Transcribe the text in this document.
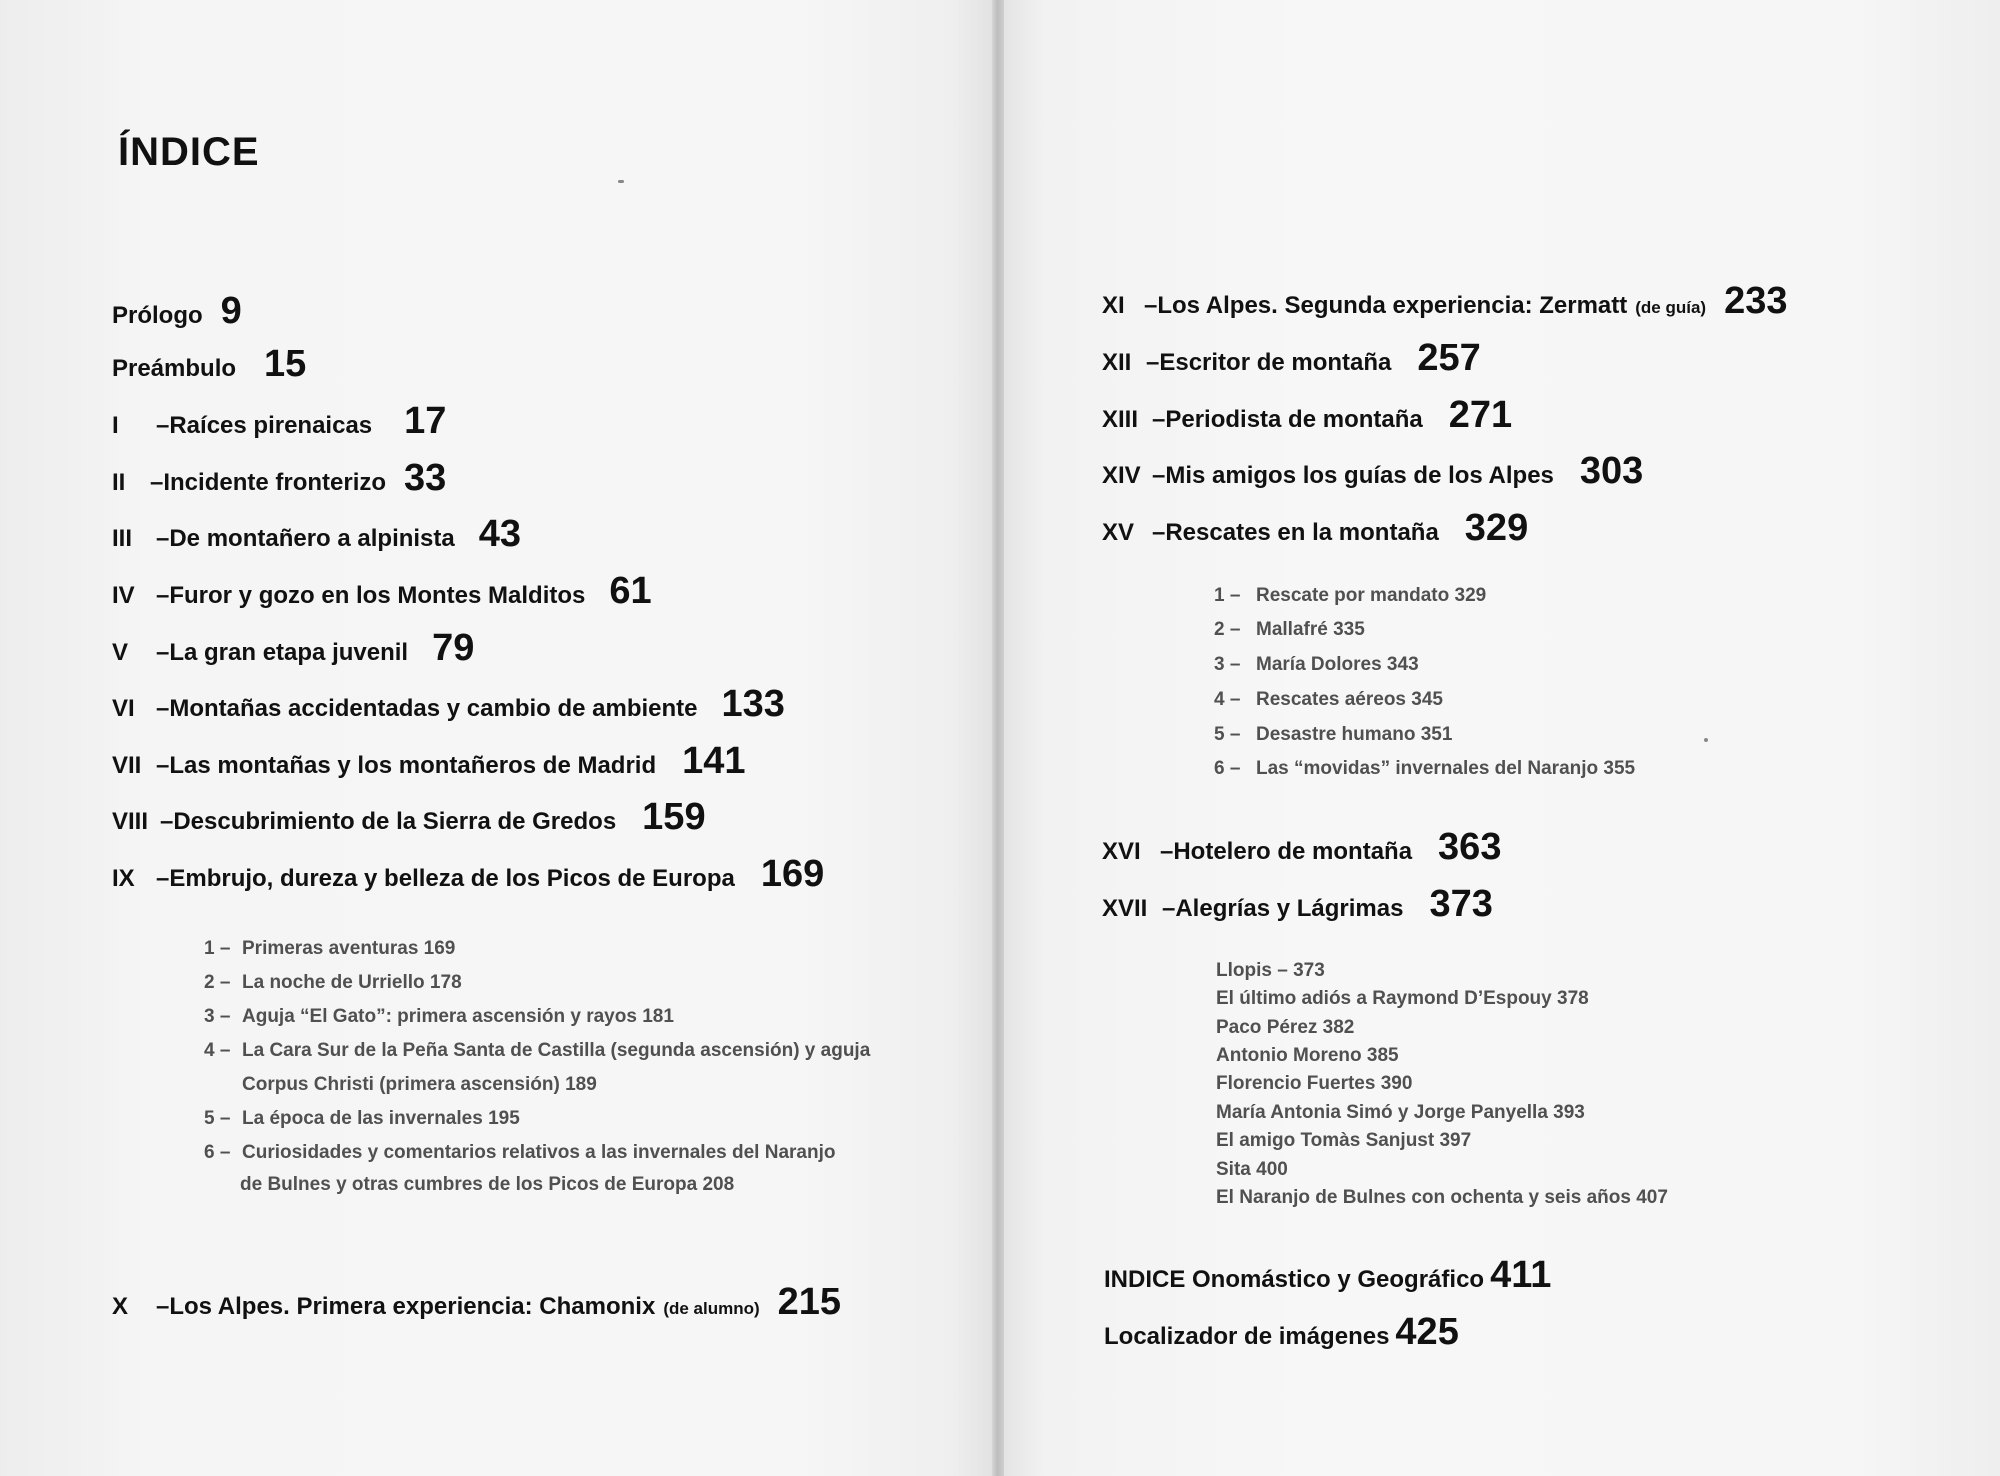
ÍNDICE
Prólogo 9
Preámbulo 15
I	–Raíces pirenaicas 17
II	–Incidente fronterizo 33
III –De montañero a alpinista 43
IV –Furor y gozo en los Montes Malditos 61
V	–La gran etapa juvenil 79
VI –Montañas accidentadas y cambio de ambiente 133
VII –Las montañas y los montañeros de Madrid 141
VIII –Descubrimiento de la Sierra de Gredos 159
IX –Embrujo, dureza y belleza de los Picos de Europa 169
1 – Primeras aventuras 169
2 – La noche de Urriello 178
3 – Aguja “El Gato”: primera ascensión y rayos 181
4 – La Cara Sur de la Peña Santa de Castilla (segunda ascensión) y aguja
Corpus Christi (primera ascensión) 189
5 – La época de las invernales 195
6 – Curiosidades y comentarios relativos a las invernales del Naranjo
de Bulnes y otras cumbres de los Picos de Europa 208
X	–Los Alpes. Primera experiencia: Chamonix (de alumno) 215
XI –Los Alpes. Segunda experiencia: Zermatt (de guía) 233
XII –Escritor de montaña 257
XIII –Periodista de montaña 271
XIV –Mis amigos los guías de los Alpes 303
XV –Rescates en la montaña 329
1 – Rescate por mandato 329
2 – Mallafré 335
3 – María Dolores 343
4 – Rescates aéreos 345
5 – Desastre humano 351
6 – Las “movidas” invernales del Naranjo 355
XVI –Hotelero de montaña 363
XVII –Alegrías y Lágrimas 373
Llopis – 373
El último adiós a Raymond D’Espouy 378
Paco Pérez 382
Antonio Moreno 385
Florencio Fuertes 390
María Antonia Simó y Jorge Panyella 393
El amigo Tomàs Sanjust 397
Sita 400
El Naranjo de Bulnes con ochenta y seis años 407
INDICE Onomástico y Geográfico 411
Localizador de imágenes 425
